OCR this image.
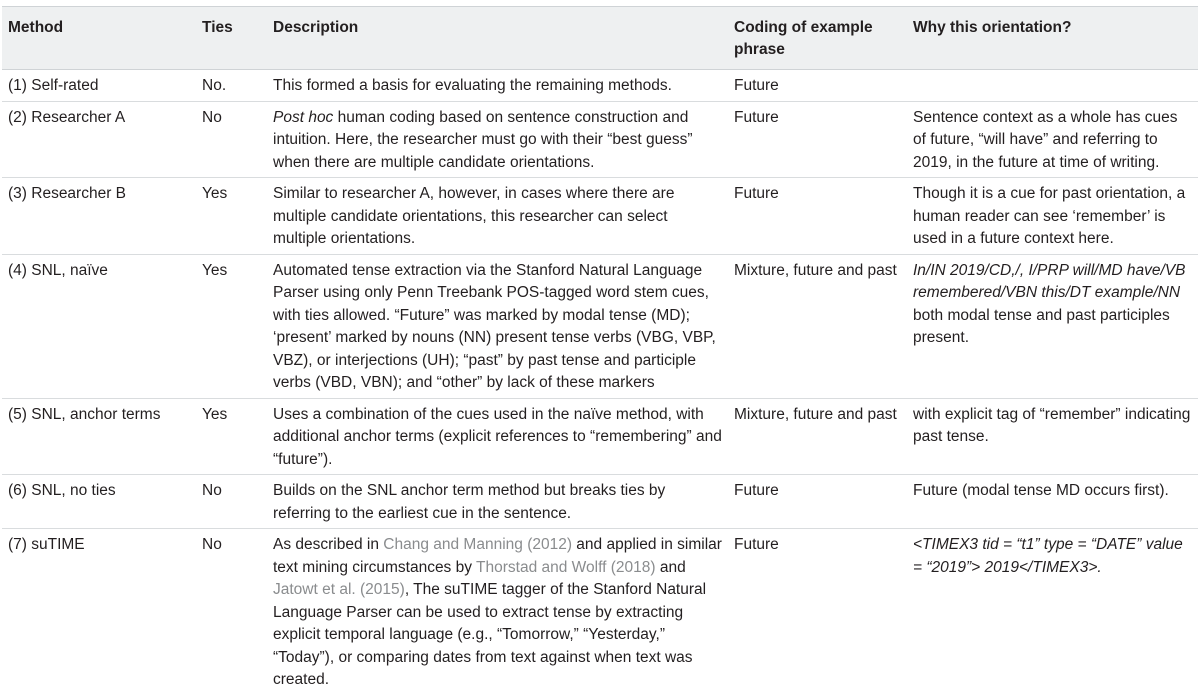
Method	Ties	Description	Coding of example phrase	Why this orientation?
(1) Self-rated	No.	This formed a basis for evaluating the remaining methods.	Future	
(2) Researcher A	No	Post hoc human coding based on sentence construction and intuition. Here, the researcher must go with their “best guess” when there are multiple candidate orientations.	Future	Sentence context as a whole has cues of future, “will have” and referring to 2019, in the future at time of writing.
(3) Researcher B	Yes	Similar to researcher A, however, in cases where there are multiple candidate orientations, this researcher can select multiple orientations.	Future	Though it is a cue for past orientation, a human reader can see ‘remember’ is used in a future context here.
(4) SNL, naïve	Yes	Automated tense extraction via the Stanford Natural Language Parser using only Penn Treebank POS-tagged word stem cues, with ties allowed. “Future” was marked by modal tense (MD); ‘present’ marked by nouns (NN) present tense verbs (VBG, VBP, VBZ), or interjections (UH); “past” by past tense and participle verbs (VBD, VBN); and “other” by lack of these markers	Mixture, future and past	In/IN 2019/CD,/, I/PRP will/MD have/VB remembered/VBN this/DT example/NN both modal tense and past participles present.
(5) SNL, anchor terms	Yes	Uses a combination of the cues used in the naïve method, with additional anchor terms (explicit references to “remembering” and “future”).	Mixture, future and past	with explicit tag of “remember” indicating past tense.
(6) SNL, no ties	No	Builds on the SNL anchor term method but breaks ties by referring to the earliest cue in the sentence.	Future	Future (modal tense MD occurs first).
(7) suTIME	No	As described in Chang and Manning (2012) and applied in similar text mining circumstances by Thorstad and Wolff (2018) and Jatowt et al. (2015), The suTIME tagger of the Stanford Natural Language Parser can be used to extract tense by extracting explicit temporal language (e.g., “Tomorrow,” “Yesterday,” “Today”), or comparing dates from text against when text was created.	Future	<TIMEX3 tid = “t1” type = “DATE” value = “2019”> 2019</TIMEX3>.
